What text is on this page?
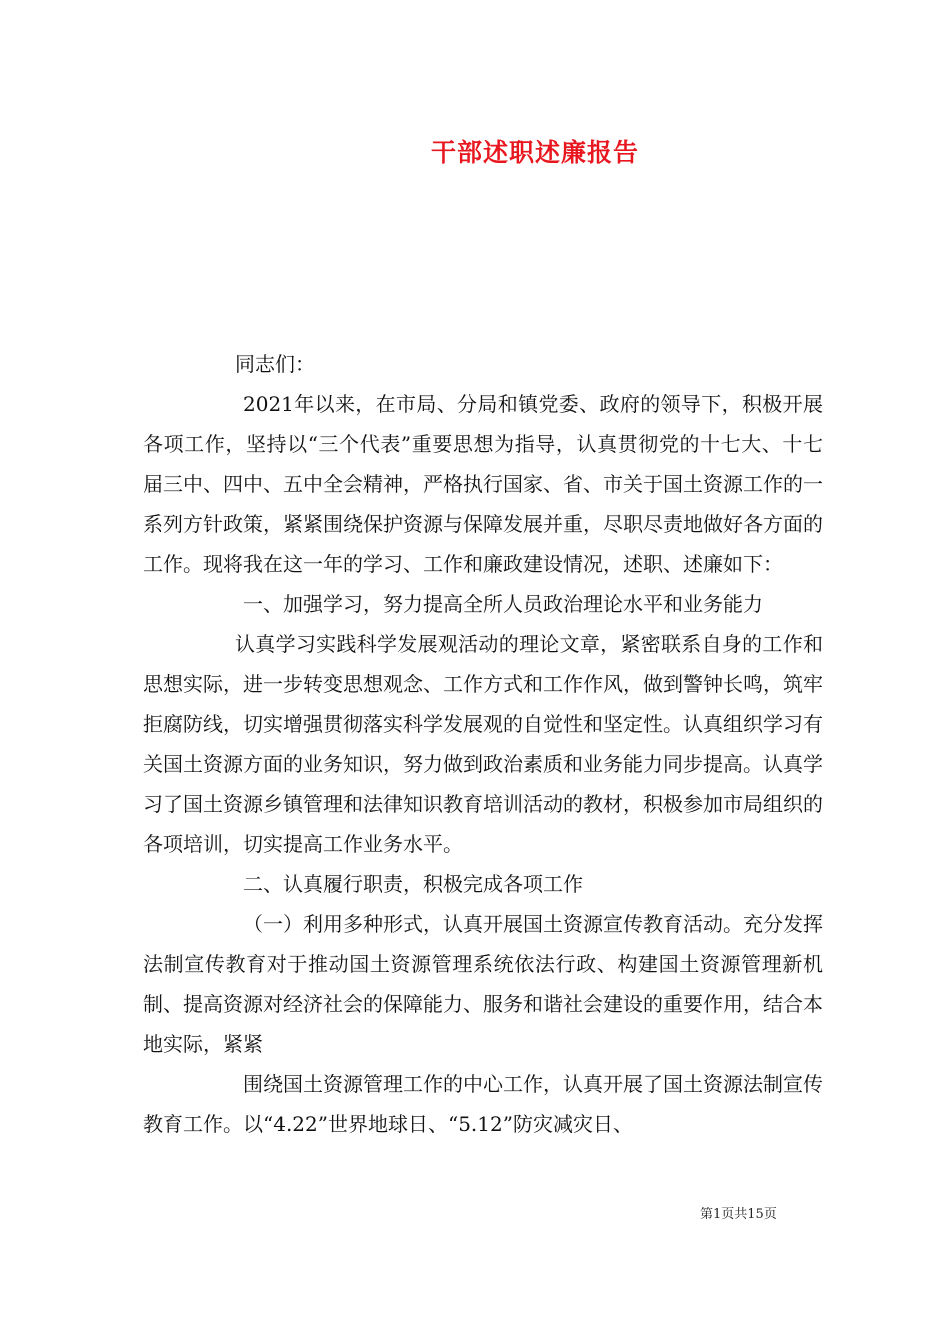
干部述职述廉报告

同志们：

2021年以来，在市局、分局和镇党委、政府的领导下，积极开展各项工作，坚持以“三个代表”重要思想为指导，认真贯彻党的十七大、十七届三中、四中、五中全会精神，严格执行国家、省、市关于国土资源工作的一系列方针政策，紧紧围绕保护资源与保障发展并重，尽职尽责地做好各方面的工作。现将我在这一年的学习、工作和廉政建设情况，述职、述廉如下：

一、加强学习，努力提高全所人员政治理论水平和业务能力

认真学习实践科学发展观活动的理论文章，紧密联系自身的工作和思想实际，进一步转变思想观念、工作方式和工作作风，做到警钟长鸣，筑牢拒腐防线，切实增强贯彻落实科学发展观的自觉性和坚定性。认真组织学习有关国土资源方面的业务知识，努力做到政治素质和业务能力同步提高。认真学习了国土资源乡镇管理和法律知识教育培训活动的教材，积极参加市局组织的各项培训，切实提高工作业务水平。

二、认真履行职责，积极完成各项工作

（一）利用多种形式，认真开展国土资源宣传教育活动。充分发挥法制宣传教育对于推动国土资源管理系统依法行政、构建国土资源管理新机制、提高资源对经济社会的保障能力、服务和谐社会建设的重要作用，结合本地实际，紧紧

围绕国土资源管理工作的中心工作，认真开展了国土资源法制宣传教育工作。以“4.22”世界地球日、“5.12”防灾减灾日、

第1页共15页
